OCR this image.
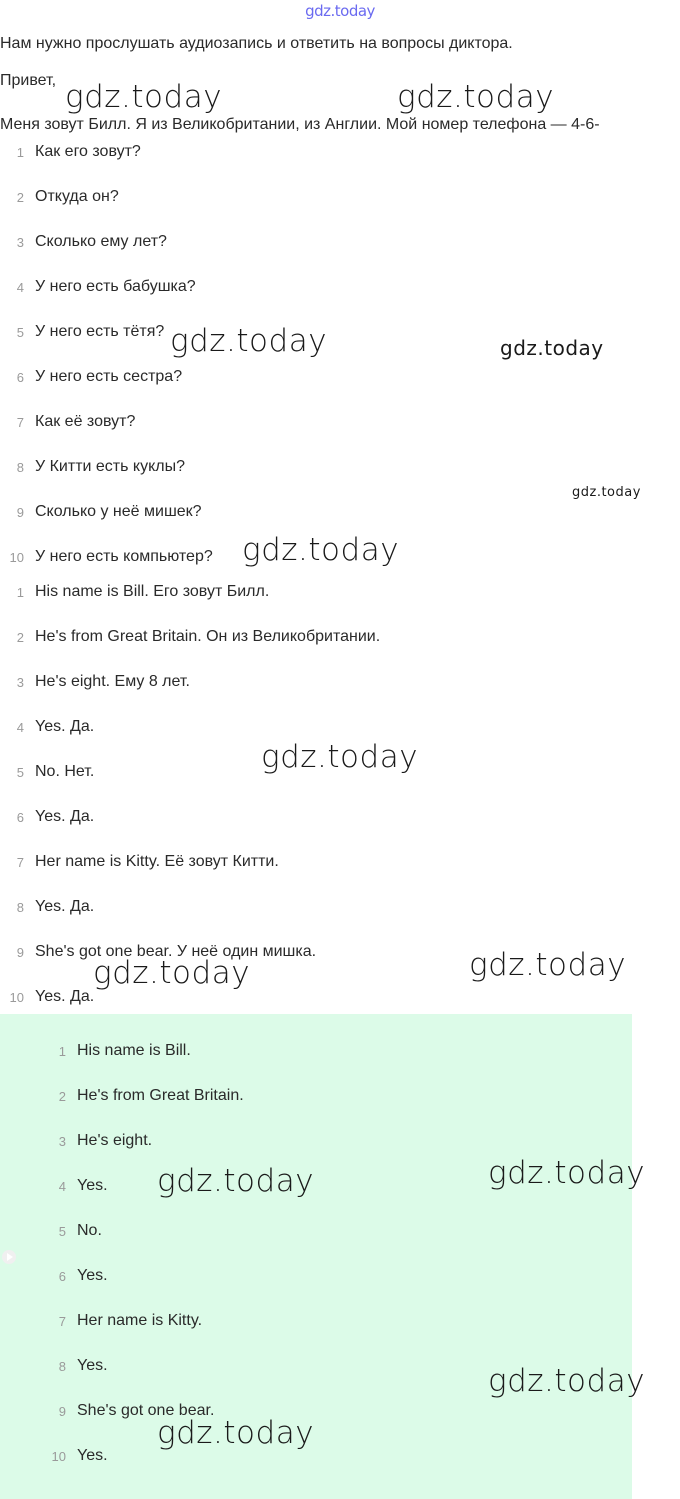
gdz.today
Нам нужно прослушать аудиозапись и ответить на вопросы диктора.
Привет,
Меня зовут Билл. Я из Великобритании, из Англии. Мой номер телефона — 4-6-
1 Как его зовут?
2 Откуда он?
3 Сколько ему лет?
4 У него есть бабушка?
5 У него есть тётя?
6 У него есть сестра?
7 Как её зовут?
8 У Китти есть куклы?
9 Сколько у неё мишек?
10 У него есть компьютер?
1 His name is Bill. Его зовут Билл.
2 He's from Great Britain. Он из Великобритании.
3 He's eight. Ему 8 лет.
4 Yes. Да.
5 No. Нет.
6 Yes. Да.
7 Her name is Kitty. Её зовут Китти.
8 Yes. Да.
9 She's got one bear. У неё один мишка.
10 Yes. Да.
1 His name is Bill.
2 He's from Great Britain.
3 He's eight.
4 Yes.
5 No.
6 Yes.
7 Her name is Kitty.
8 Yes.
9 She's got one bear.
10 Yes.
gdz.today	gdz.today
gdz.today	gdz.today
gdz.today
gdz.today
gdz.today
gdz.today	gdz.today
gdz.today	gdz.today
gdz.today
gdz.today
